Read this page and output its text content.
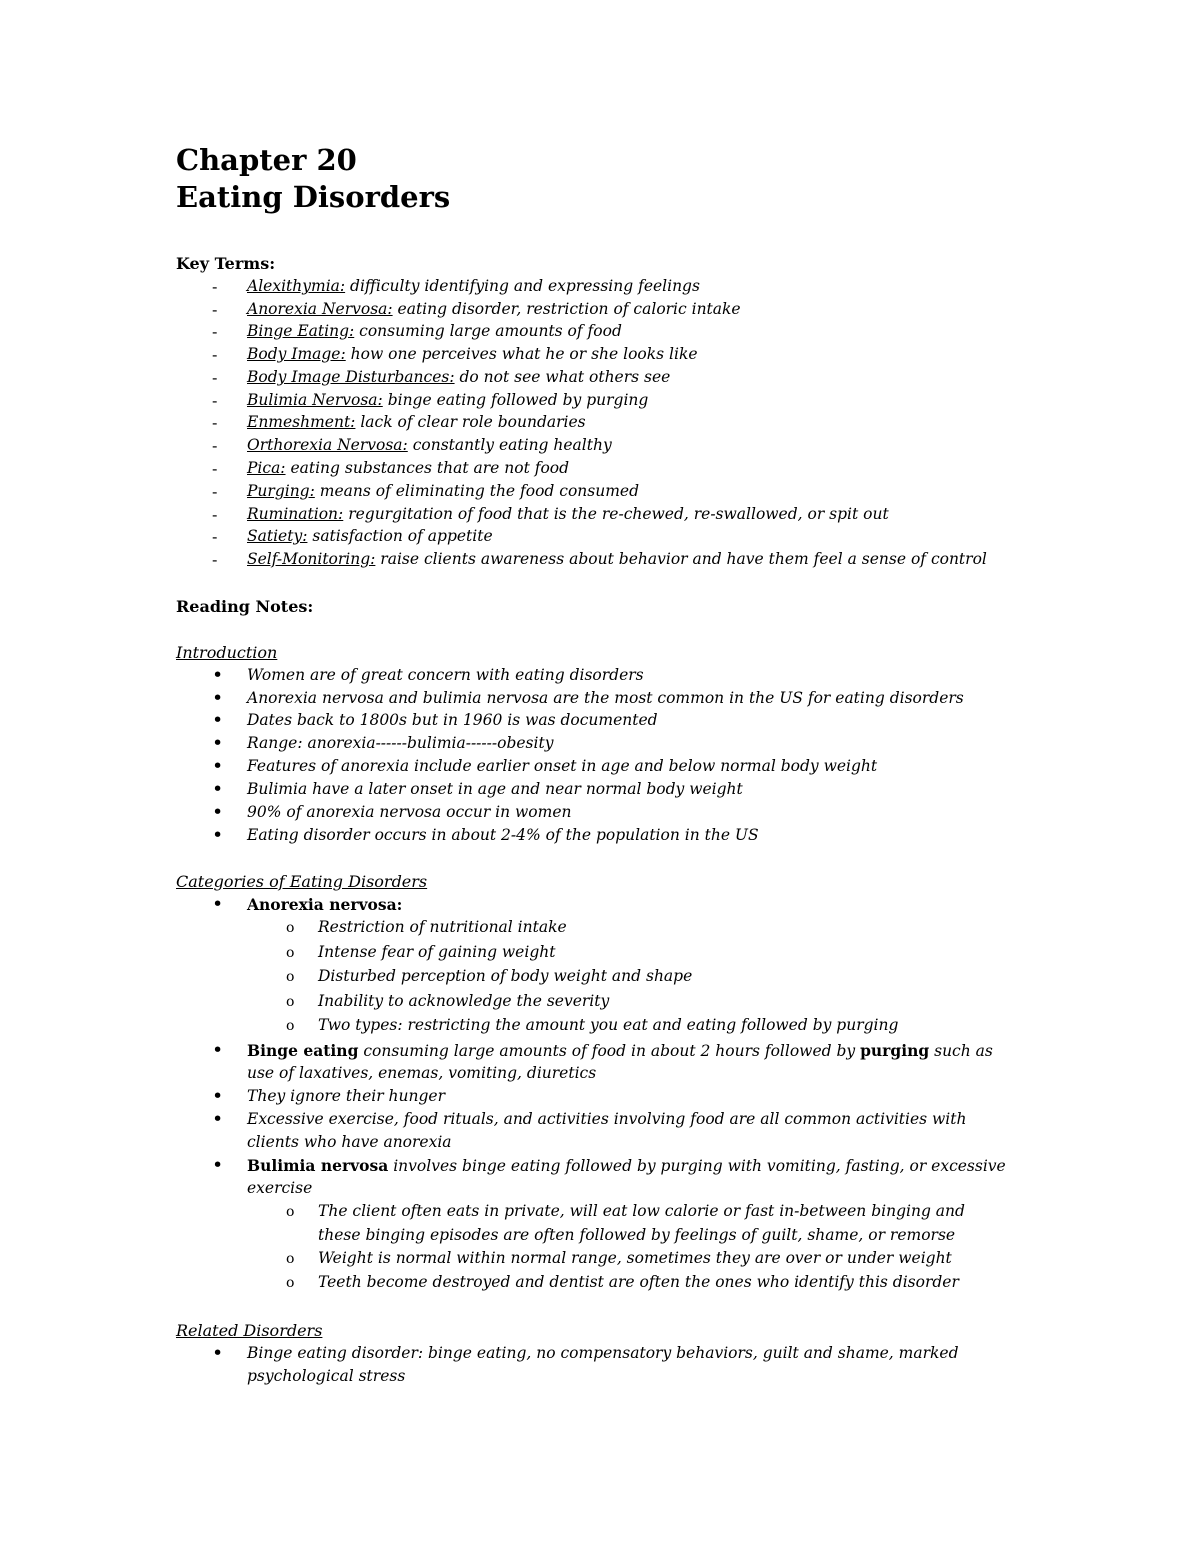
Chapter 20
Eating Disorders
Key Terms:
- Alexithymia: difficulty identifying and expressing feelings
- Anorexia Nervosa: eating disorder, restriction of caloric intake
- Binge Eating: consuming large amounts of food
- Body Image: how one perceives what he or she looks like
- Body Image Disturbances: do not see what others see
- Bulimia Nervosa: binge eating followed by purging
- Enmeshment: lack of clear role boundaries
- Orthorexia Nervosa: constantly eating healthy
- Pica: eating substances that are not food
- Purging: means of eliminating the food consumed
- Rumination: regurgitation of food that is the re-chewed, re-swallowed, or spit out
- Satiety: satisfaction of appetite
- Self-Monitoring: raise clients awareness about behavior and have them feel a sense of control
Reading Notes:
Introduction
• Women are of great concern with eating disorders
• Anorexia nervosa and bulimia nervosa are the most common in the US for eating disorders
• Dates back to 1800s but in 1960 is was documented
• Range: anorexia------bulimia------obesity
• Features of anorexia include earlier onset in age and below normal body weight
• Bulimia have a later onset in age and near normal body weight
• 90% of anorexia nervosa occur in women
• Eating disorder occurs in about 2-4% of the population in the US
Categories of Eating Disorders
• Anorexia nervosa:
o Restriction of nutritional intake
o Intense fear of gaining weight
o Disturbed perception of body weight and shape
o Inability to acknowledge the severity
o Two types: restricting the amount you eat and eating followed by purging
• Binge eating consuming large amounts of food in about 2 hours followed by purging such as
use of laxatives, enemas, vomiting, diuretics
• They ignore their hunger
• Excessive exercise, food rituals, and activities involving food are all common activities with
clients who have anorexia
• Bulimia nervosa involves binge eating followed by purging with vomiting, fasting, or excessive
exercise
o The client often eats in private, will eat low calorie or fast in-between binging and
these binging episodes are often followed by feelings of guilt, shame, or remorse
o Weight is normal within normal range, sometimes they are over or under weight
o Teeth become destroyed and dentist are often the ones who identify this disorder
Related Disorders
• Binge eating disorder: binge eating, no compensatory behaviors, guilt and shame, marked
psychological stress
